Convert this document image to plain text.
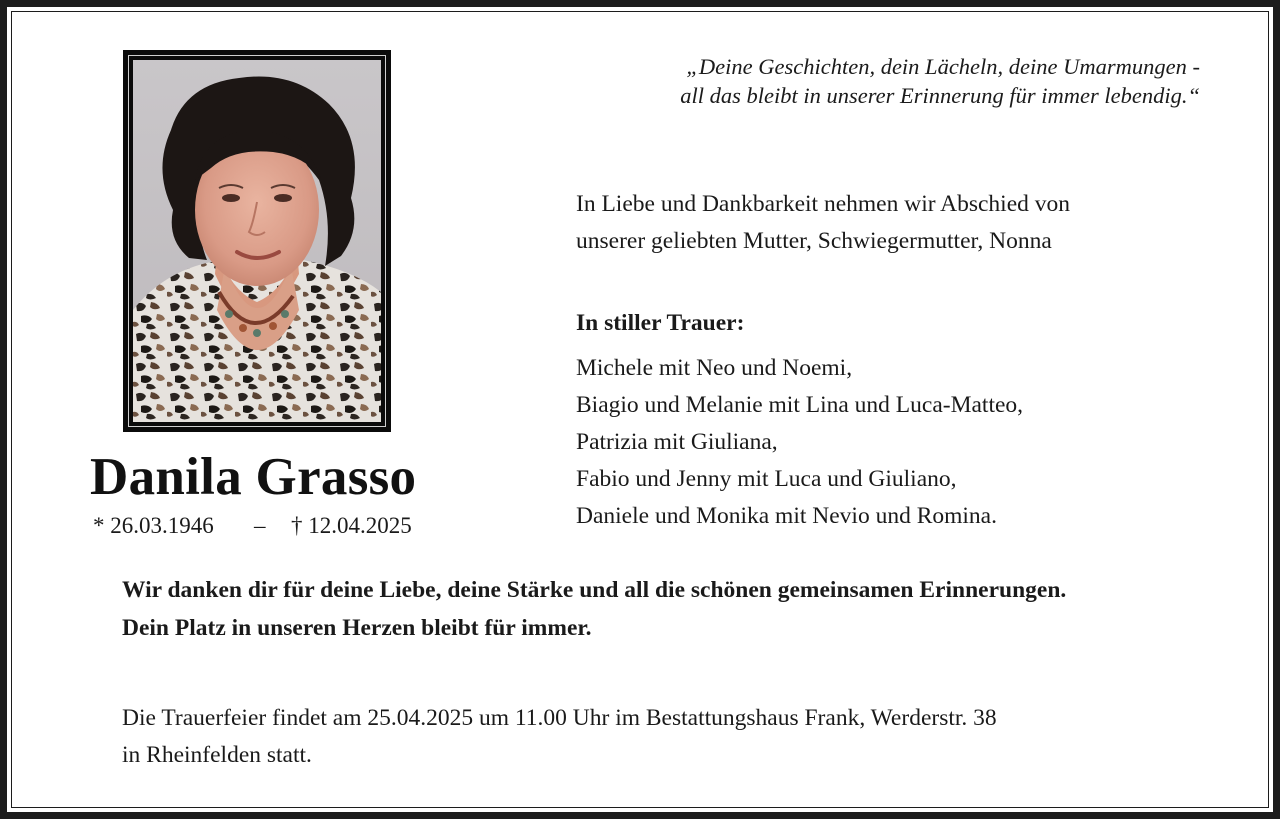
„Deine Geschichten, dein Lächeln, deine Umarmungen -
all das bleibt in unserer Erinnerung für immer lebendig.“
Danila Grasso
* 26.03.1946 – † 12.04.2025
In Liebe und Dankbarkeit nehmen wir Abschied von
unserer geliebten Mutter, Schwiegermutter, Nonna
In stiller Trauer:
Michele mit Neo und Noemi,
Biagio und Melanie mit Lina und Luca-Matteo,
Patrizia mit Giuliana,
Fabio und Jenny mit Luca und Giuliano,
Daniele und Monika mit Nevio und Romina.
Wir danken dir für deine Liebe, deine Stärke und all die schönen gemeinsamen Erinnerungen.
Dein Platz in unseren Herzen bleibt für immer.
Die Trauerfeier findet am 25.04.2025 um 11.00 Uhr im Bestattungshaus Frank, Werderstr. 38
in Rheinfelden statt.
